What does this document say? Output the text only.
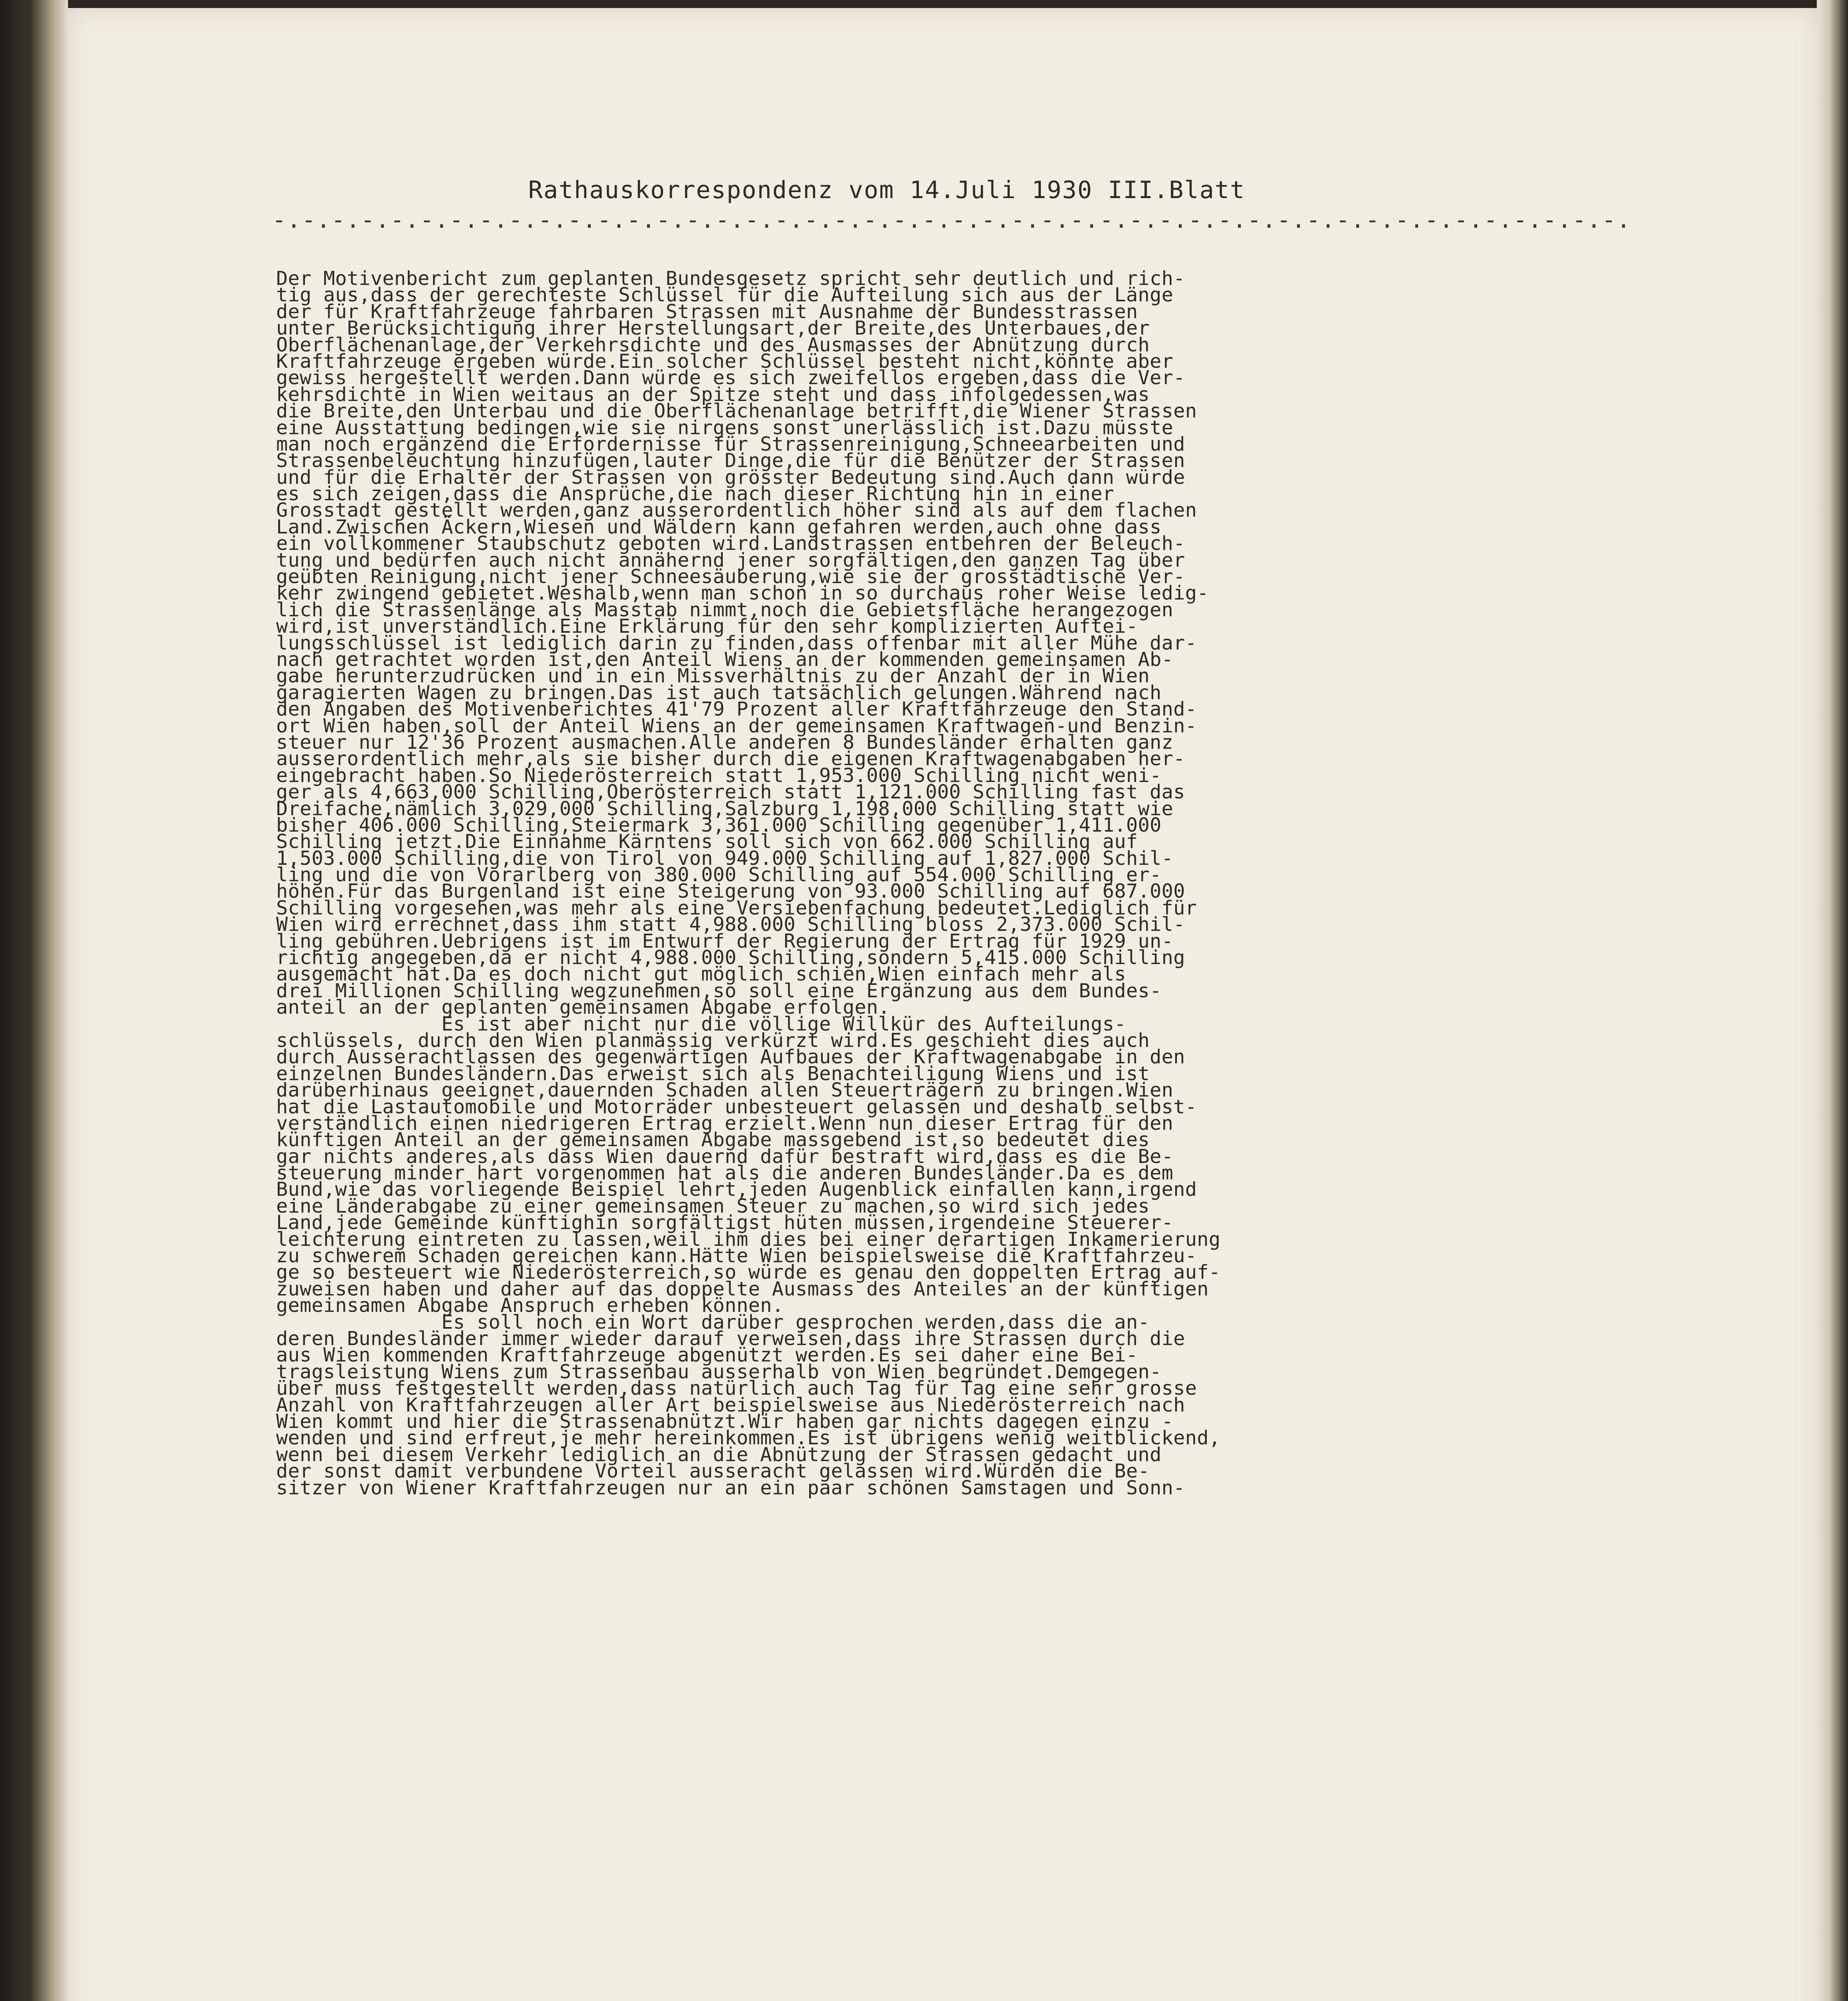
Rathauskorrespondenz vom 14.Juli 1930 III.Blatt
-.-.-.-.-.-.-.-.-.-.-.-.-.-.-.-.-.-.-.-.-.-.-.-.-.-.-.-.-.-.-.-.-.-.-.-.-.-.-.-.-.-.-.-.-.-.
Der Motivenbericht zum geplanten Bundesgesetz spricht sehr deutlich und rich-
tig aus,dass der gerechteste Schlüssel für die Aufteilung sich aus der Länge
der für Kraftfahrzeuge fahrbaren Strassen mit Ausnahme der Bundesstrassen
unter Berücksichtigung ihrer Herstellungsart,der Breite,des Unterbaues,der
Oberflächenanlage,der Verkehrsdichte und des Ausmasses der Abnützung durch
Kraftfahrzeuge ergeben würde.Ein solcher Schlüssel besteht nicht,könnte aber
gewiss hergestellt werden.Dann würde es sich zweifellos ergeben,dass die Ver-
kehrsdichte in Wien weitaus an der Spitze steht und dass infolgedessen,was
die Breite,den Unterbau und die Oberflächenanlage betrifft,die Wiener Strassen
eine Ausstattung bedingen,wie sie nirgens sonst unerlässlich ist.Dazu müsste
man noch ergänzend die Erfordernisse für Strassenreinigung,Schneearbeiten und
Strassenbeleuchtung hinzufügen,lauter Dinge,die für die Benützer der Strassen
und für die Erhalter der Strassen von grösster Bedeutung sind.Auch dann würde
es sich zeigen,dass die Ansprüche,die nach dieser Richtung hin in einer
Grosstadt gestellt werden,ganz ausserordentlich höher sind als auf dem flachen
Land.Zwischen Äckern,Wiesen und Wäldern kann gefahren werden,auch ohne dass
ein vollkommener Staubschutz geboten wird.Landstrassen entbehren der Beleuch-
tung und bedürfen auch nicht annähernd jener sorgfältigen,den ganzen Tag über
geübten Reinigung,nicht jener Schneesäuberung,wie sie der grosstädtische Ver-
kehr zwingend gebietet.Weshalb,wenn man schon in so durchaus roher Weise ledig-
lich die Strassenlänge als Masstab nimmt,noch die Gebietsfläche herangezogen
wird,ist unverständlich.Eine Erklärung für den sehr komplizierten Auftei-
lungsschlüssel ist lediglich darin zu finden,dass offenbar mit aller Mühe dar-
nach getrachtet worden ist,den Anteil Wiens an der kommenden gemeinsamen Ab-
gabe herunterzudrücken und in ein Missverhältnis zu der Anzahl der in Wien
garagierten Wagen zu bringen.Das ist auch tatsächlich gelungen.Während nach
den Angaben des Motivenberichtes 41'79 Prozent aller Kraftfahrzeuge den Stand-
ort Wien haben,soll der Anteil Wiens an der gemeinsamen Kraftwagen-und Benzin-
steuer nur 12'36 Prozent ausmachen.Alle anderen 8 Bundesländer erhalten ganz
ausserordentlich mehr,als sie bisher durch die eigenen Kraftwagenabgaben her-
eingebracht haben.So Niederösterreich statt 1,953.000 Schilling nicht weni-
ger als 4,663,000 Schilling,Oberösterreich statt 1,121.000 Schilling fast das
Dreifache,nämlich 3,029,000 Schilling,Salzburg 1,198,000 Schilling statt wie
bisher 406.000 Schilling,Steiermark 3,361.000 Schilling gegenüber 1,411.000
Schilling jetzt.Die Einnahme Kärntens soll sich von 662.000 Schilling auf
1,503.000 Schilling,die von Tirol von 949.000 Schilling auf 1,827.000 Schil-
ling und die von Vorarlberg von 380.000 Schilling auf 554.000 Schilling er-
höhen.Für das Burgenland ist eine Steigerung von 93.000 Schilling auf 687.000
Schilling vorgesehen,was mehr als eine Versiebenfachung bedeutet.Lediglich für
Wien wird errechnet,dass ihm statt 4,988.000 Schilling bloss 2,373.000 Schil-
ling gebühren.Uebrigens ist im Entwurf der Regierung der Ertrag für 1929 un-
richtig angegeben,da er nicht 4,988.000 Schilling,sondern 5,415.000 Schilling
ausgemacht hat.Da es doch nicht gut möglich schien,Wien einfach mehr als
drei Millionen Schilling wegzunehmen,so soll eine Ergänzung aus dem Bundes-
anteil an der geplanten gemeinsamen Abgabe erfolgen.
Es ist aber nicht nur die völlige Willkür des Aufteilungs-
schlüssels, durch den Wien planmässig verkürzt wird.Es geschieht dies auch
durch Ausserachtlassen des gegenwärtigen Aufbaues der Kraftwagenabgabe in den
einzelnen Bundesländern.Das erweist sich als Benachteiligung Wiens und ist
darüberhinaus geeignet,dauernden Schaden allen Steuerträgern zu bringen.Wien
hat die Lastautomobile und Motorräder unbesteuert gelassen und deshalb selbst-
verständlich einen niedrigeren Ertrag erzielt.Wenn nun dieser Ertrag für den
künftigen Anteil an der gemeinsamen Abgabe massgebend ist,so bedeutet dies
gar nichts anderes,als dass Wien dauernd dafür bestraft wird,dass es die Be-
steuerung minder hart vorgenommen hat als die anderen Bundesländer.Da es dem
Bund,wie das vorliegende Beispiel lehrt,jeden Augenblick einfallen kann,irgend
eine Länderabgabe zu einer gemeinsamen Steuer zu machen,so wird sich jedes
Land,jede Gemeinde künftighin sorgfältigst hüten müssen,irgendeine Steuerer-
leichterung eintreten zu lassen,weil ihm dies bei einer derartigen Inkamerierung
zu schwerem Schaden gereichen kann.Hätte Wien beispielsweise die Kraftfahrzeu-
ge so besteuert wie Niederösterreich,so würde es genau den doppelten Ertrag auf-
zuweisen haben und daher auf das doppelte Ausmass des Anteiles an der künftigen
gemeinsamen Abgabe Anspruch erheben können.
Es soll noch ein Wort darüber gesprochen werden,dass die an-
deren Bundesländer immer wieder darauf verweisen,dass ihre Strassen durch die
aus Wien kommenden Kraftfahrzeuge abgenützt werden.Es sei daher eine Bei-
tragsleistung Wiens zum Strassenbau ausserhalb von Wien begründet.Demgegen-
über muss festgestellt werden,dass natürlich auch Tag für Tag eine sehr grosse
Anzahl von Kraftfahrzeugen aller Art beispielsweise aus Niederösterreich nach
Wien kommt und hier die Strassenabnützt.Wir haben gar nichts dagegen einzu -
wenden und sind erfreut,je mehr hereinkommen.Es ist übrigens wenig weitblickend,
wenn bei diesem Verkehr lediglich an die Abnützung der Strassen gedacht und
der sonst damit verbundene Vorteil ausseracht gelassen wird.Würden die Be-
sitzer von Wiener Kraftfahrzeugen nur an ein paar schönen Samstagen und Sonn-
